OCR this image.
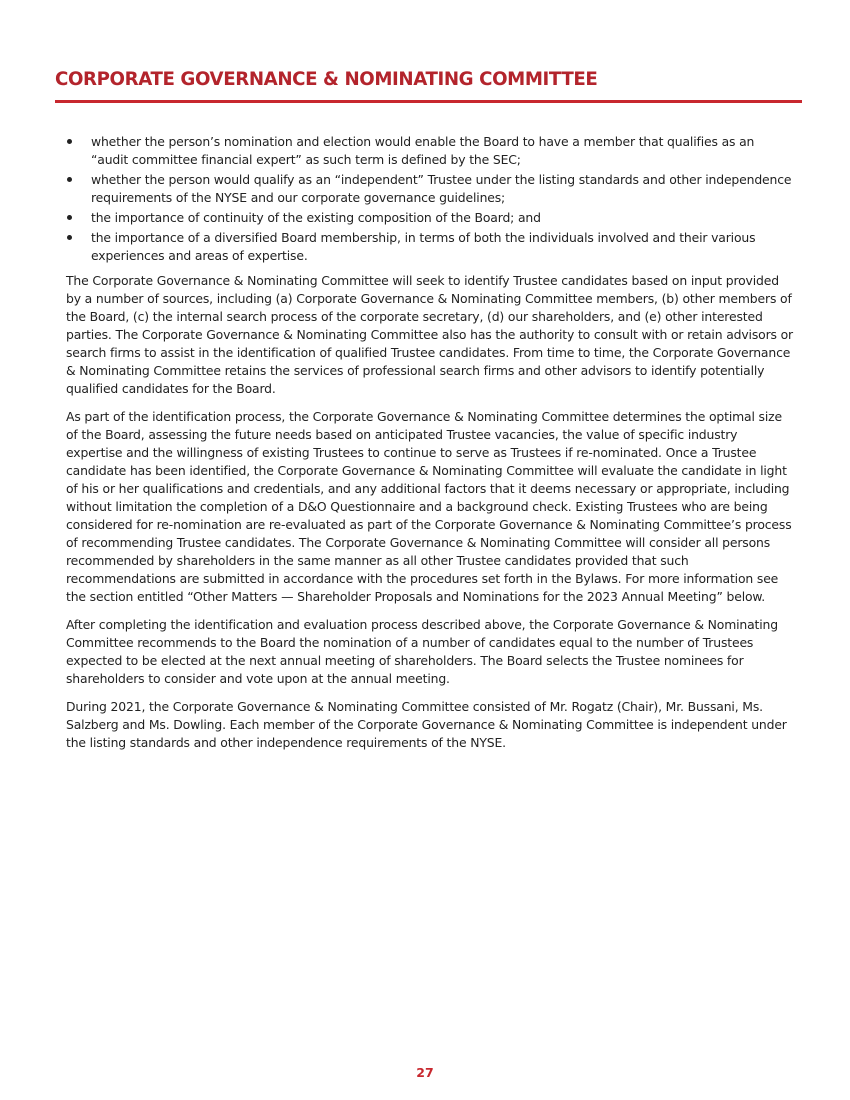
CORPORATE GOVERNANCE & NOMINATING COMMITTEE
whether the person’s nomination and election would enable the Board to have a member that qualifies as an “audit committee financial expert” as such term is defined by the SEC;
whether the person would qualify as an “independent” Trustee under the listing standards and other independence requirements of the NYSE and our corporate governance guidelines;
the importance of continuity of the existing composition of the Board; and
the importance of a diversified Board membership, in terms of both the individuals involved and their various experiences and areas of expertise.

The Corporate Governance & Nominating Committee will seek to identify Trustee candidates based on input provided by a number of sources, including (a) Corporate Governance & Nominating Committee members, (b) other members of the Board, (c) the internal search process of the corporate secretary, (d) our shareholders, and (e) other interested parties. The Corporate Governance & Nominating Committee also has the authority to consult with or retain advisors or search firms to assist in the identification of qualified Trustee candidates. From time to time, the Corporate Governance & Nominating Committee retains the services of professional search firms and other advisors to identify potentially qualified candidates for the Board.

As part of the identification process, the Corporate Governance & Nominating Committee determines the optimal size of the Board, assessing the future needs based on anticipated Trustee vacancies, the value of specific industry expertise and the willingness of existing Trustees to continue to serve as Trustees if re-nominated. Once a Trustee candidate has been identified, the Corporate Governance & Nominating Committee will evaluate the candidate in light of his or her qualifications and credentials, and any additional factors that it deems necessary or appropriate, including without limitation the completion of a D&O Questionnaire and a background check. Existing Trustees who are being considered for re-nomination are re-evaluated as part of the Corporate Governance & Nominating Committee’s process of recommending Trustee candidates. The Corporate Governance & Nominating Committee will consider all persons recommended by shareholders in the same manner as all other Trustee candidates provided that such recommendations are submitted in accordance with the procedures set forth in the Bylaws. For more information see the section entitled “Other Matters — Shareholder Proposals and Nominations for the 2023 Annual Meeting” below.

After completing the identification and evaluation process described above, the Corporate Governance & Nominating Committee recommends to the Board the nomination of a number of candidates equal to the number of Trustees expected to be elected at the next annual meeting of shareholders. The Board selects the Trustee nominees for shareholders to consider and vote upon at the annual meeting.

During 2021, the Corporate Governance & Nominating Committee consisted of Mr. Rogatz (Chair), Mr. Bussani, Ms. Salzberg and Ms. Dowling. Each member of the Corporate Governance & Nominating Committee is independent under the listing standards and other independence requirements of the NYSE.

27
